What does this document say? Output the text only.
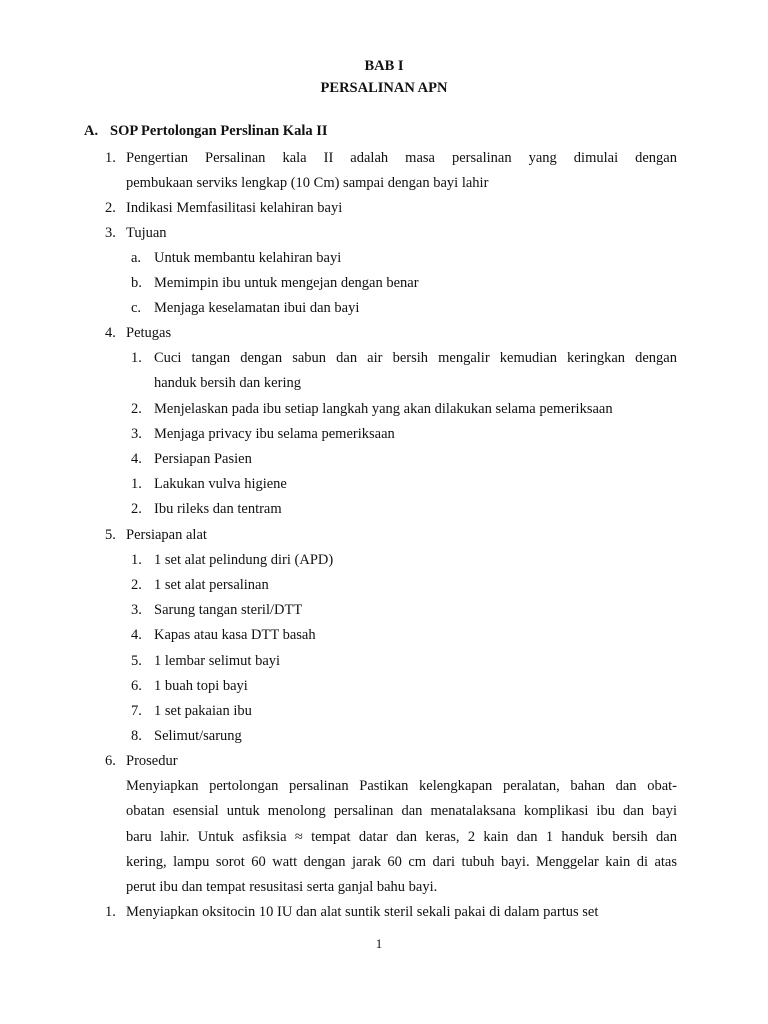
BAB I
PERSALINAN APN
A. SOP Pertolongan Perslinan Kala II
1. Pengertian Persalinan kala II adalah masa persalinan yang dimulai dengan
pembukaan serviks lengkap (10 Cm) sampai dengan bayi lahir
2. Indikasi Memfasilitasi kelahiran bayi
3. Tujuan
a. Untuk membantu kelahiran bayi
b. Memimpin ibu untuk mengejan dengan benar
c. Menjaga keselamatan ibui dan bayi
4. Petugas
1. Cuci tangan dengan sabun dan air bersih mengalir kemudian keringkan dengan
handuk bersih dan kering
2. Menjelaskan pada ibu setiap langkah yang akan dilakukan selama pemeriksaan
3. Menjaga privacy ibu selama pemeriksaan
4. Persiapan Pasien
1. Lakukan vulva higiene
2. Ibu rileks dan tentram
5. Persiapan alat
1. 1 set alat pelindung diri (APD)
2. 1 set alat persalinan
3. Sarung tangan steril/DTT
4. Kapas atau kasa DTT basah
5. 1 lembar selimut bayi
6. 1 buah topi bayi
7. 1 set pakaian ibu
8. Selimut/sarung
6. Prosedur
Menyiapkan pertolongan persalinan Pastikan kelengkapan peralatan, bahan dan obat-
obatan esensial untuk menolong persalinan dan menatalaksana komplikasi ibu dan bayi
baru lahir. Untuk asfiksia ≈ tempat datar dan keras, 2 kain dan 1 handuk bersih dan
kering, lampu sorot 60 watt dengan jarak 60 cm dari tubuh bayi. Menggelar kain di atas
perut ibu dan tempat resusitasi serta ganjal bahu bayi.
1. Menyiapkan oksitocin 10 IU dan alat suntik steril sekali pakai di dalam partus set
1
